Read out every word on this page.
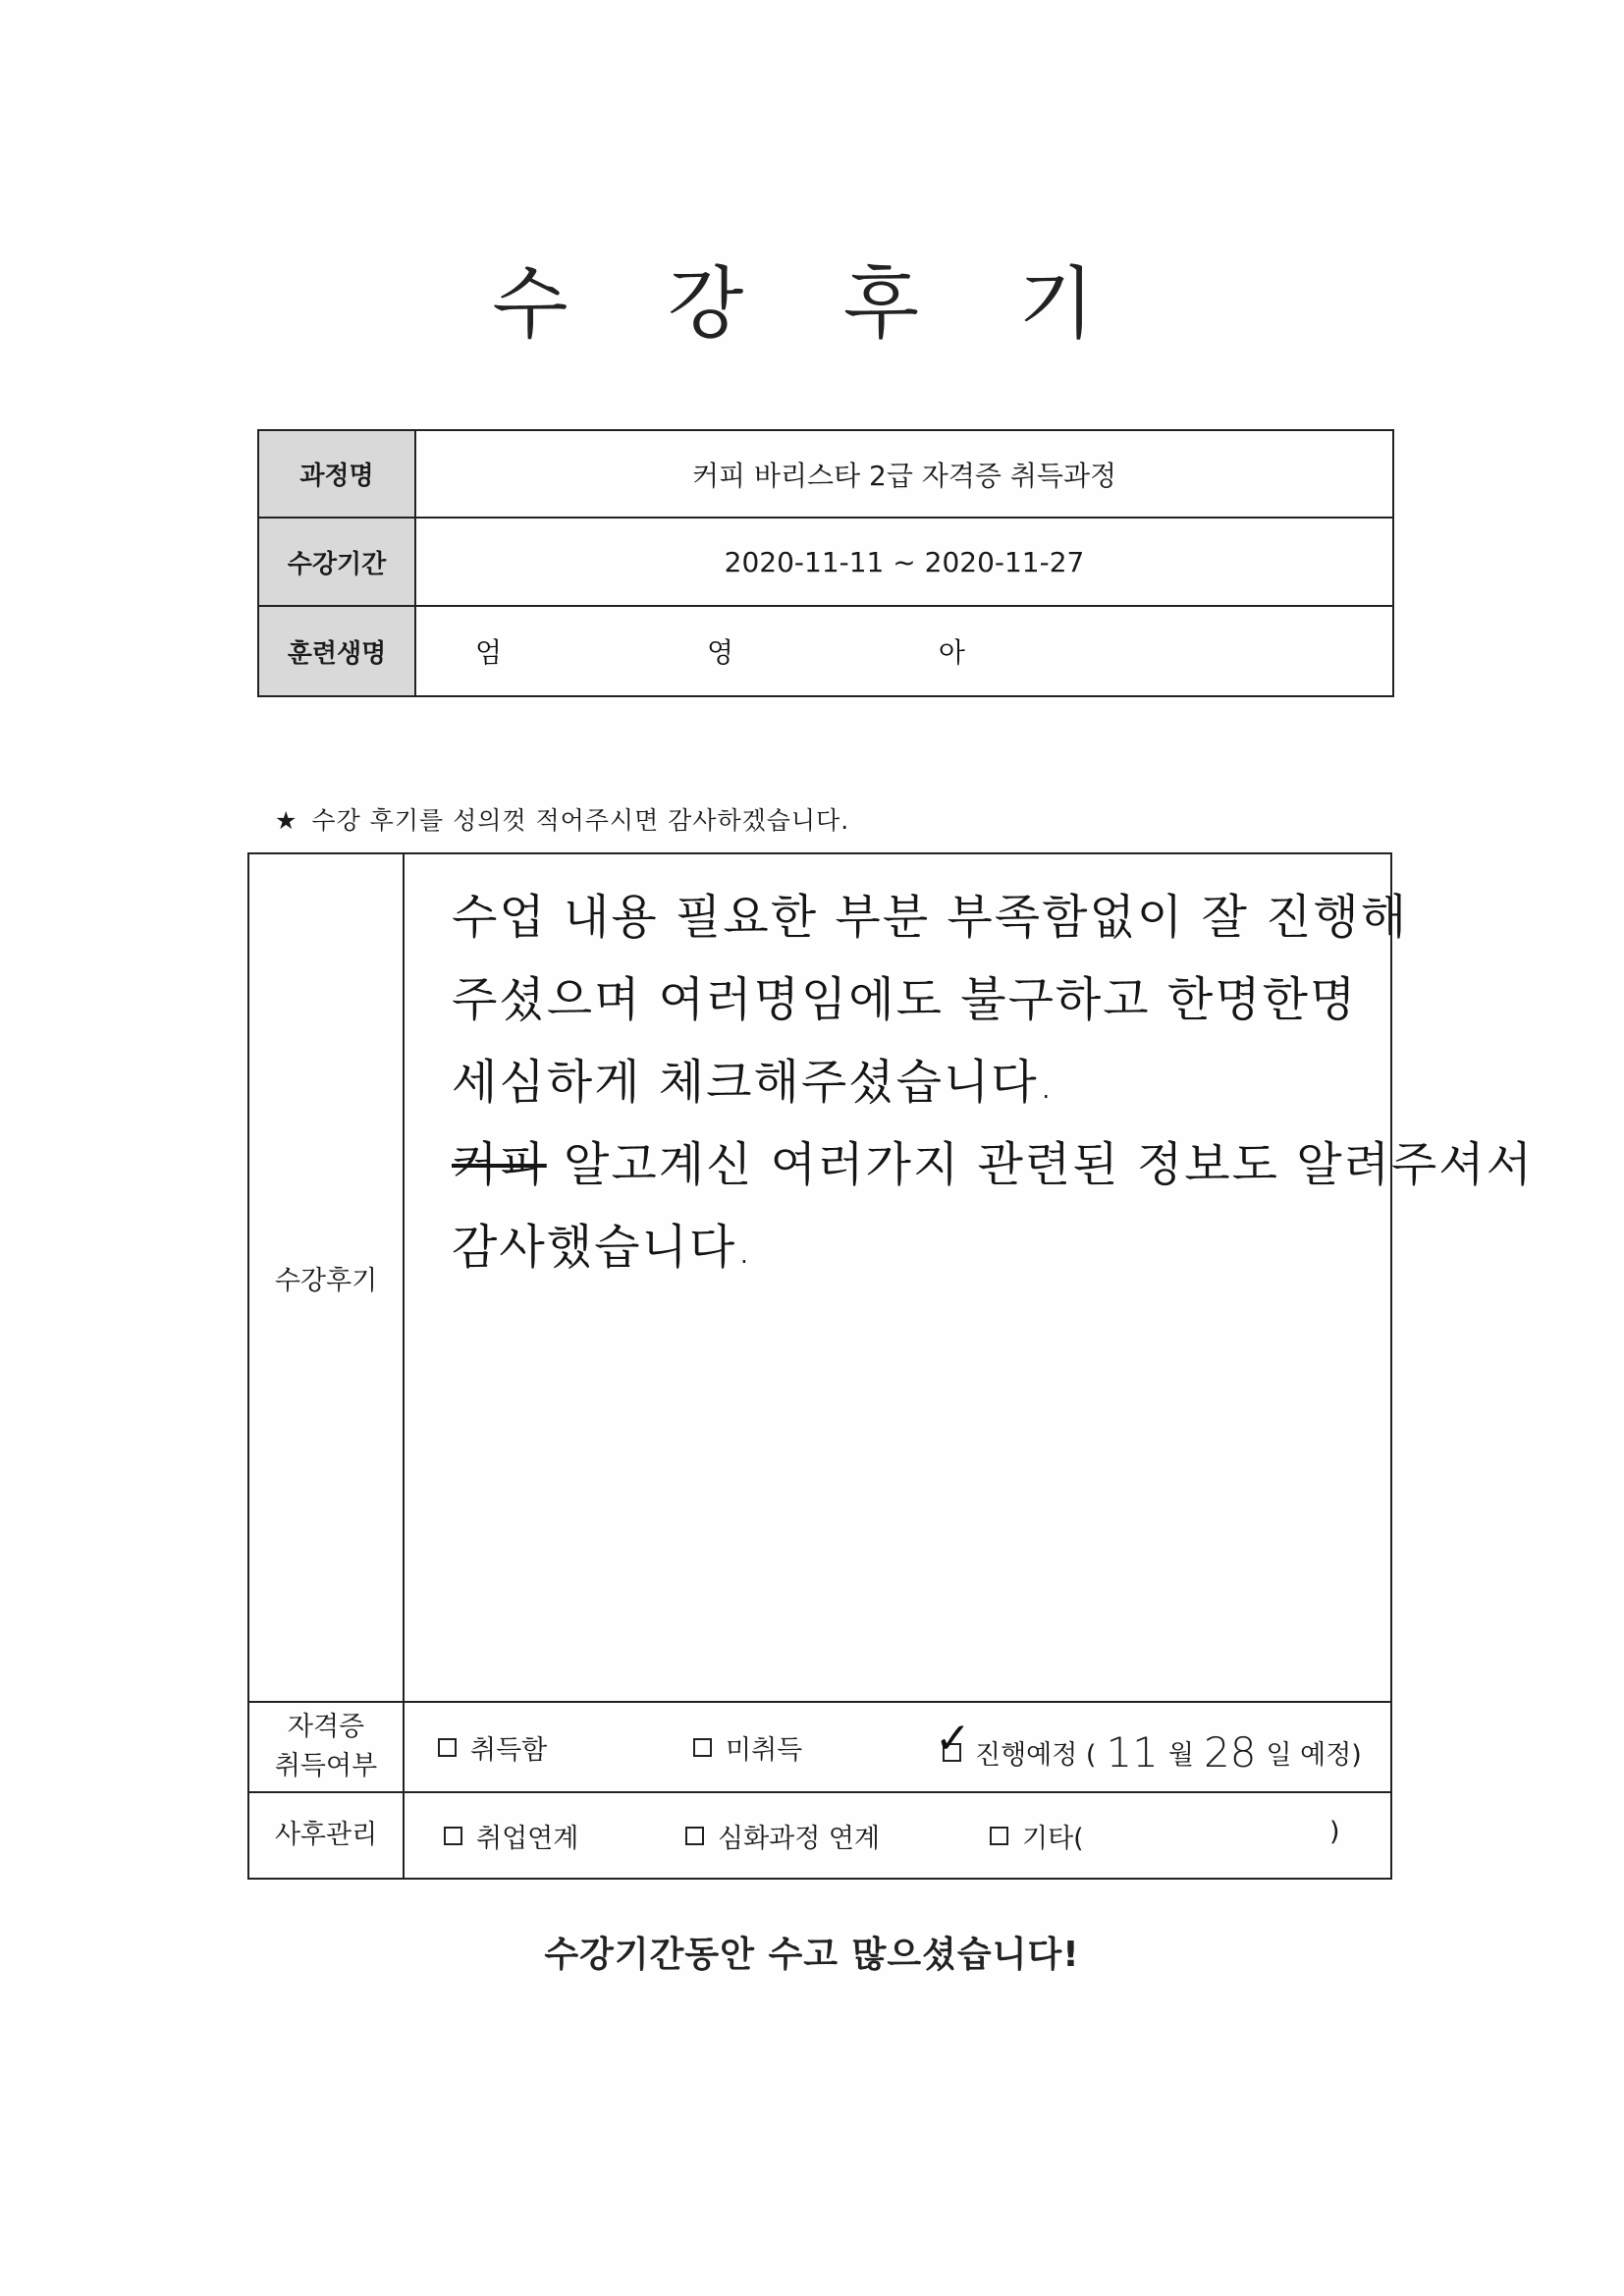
수 강 후 기
과정명	커피 바리스타 2급 자격증 취득과정
수강기간	2020-11-11 ~ 2020-11-27
훈련생명	엄 영 아
★ 수강 후기를 성의껏 적어주시면 감사하겠습니다.
수강후기
수업 내용 필요한 부분 부족함없이 잘 진행해
주셨으며 여러명임에도 불구하고 한명한명
세심하게 체크해주셨습니다.
커피 알고계신 여러가지 관련된 정보도 알려주셔서
감사했습니다.
자격증
취득여부
취득함	미취득	✓ 진행예정 ( 11 월 28 일 예정)
사후관리	취업연계	심화과정 연계	기타(	)
수강기간동안 수고 많으셨습니다!
